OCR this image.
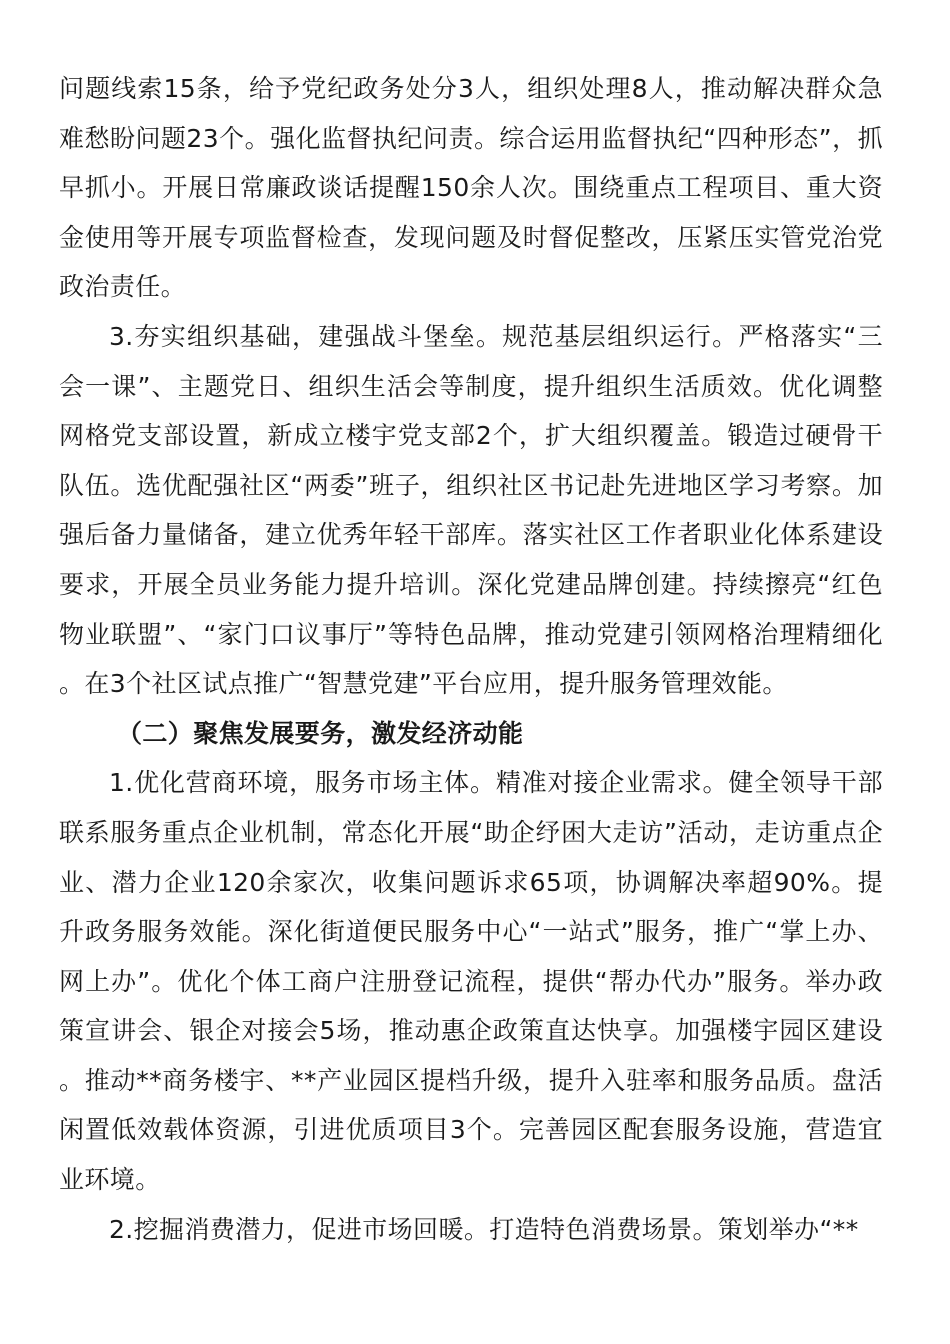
问题线索15条，给予党纪政务处分3人，组织处理8人，推动解决群众急难愁盼问题23个。强化监督执纪问责。综合运用监督执纪“四种形态”，抓早抓小。开展日常廉政谈话提醒150余人次。围绕重点工程项目、重大资金使用等开展专项监督检查，发现问题及时督促整改，压紧压实管党治党政治责任。

3.夯实组织基础，建强战斗堡垒。规范基层组织运行。严格落实“三会一课”、主题党日、组织生活会等制度，提升组织生活质效。优化调整网格党支部设置，新成立楼宇党支部2个，扩大组织覆盖。锻造过硬骨干队伍。选优配强社区“两委”班子，组织社区书记赴先进地区学习考察。加强后备力量储备，建立优秀年轻干部库。落实社区工作者职业化体系建设要求，开展全员业务能力提升培训。深化党建品牌创建。持续擦亮“红色物业联盟”、“家门口议事厅”等特色品牌，推动党建引领网格治理精细化。在3个社区试点推广“智慧党建”平台应用，提升服务管理效能。

（二）聚焦发展要务，激发经济动能

1.优化营商环境，服务市场主体。精准对接企业需求。健全领导干部联系服务重点企业机制，常态化开展“助企纾困大走访”活动，走访重点企业、潜力企业120余家次，收集问题诉求65项，协调解决率超90%。提升政务服务效能。深化街道便民服务中心“一站式”服务，推广“掌上办、网上办”。优化个体工商户注册登记流程，提供“帮办代办”服务。举办政策宣讲会、银企对接会5场，推动惠企政策直达快享。加强楼宇园区建设。推动**商务楼宇、**产业园区提档升级，提升入驻率和服务品质。盘活闲置低效载体资源，引进优质项目3个。完善园区配套服务设施，营造宜业环境。

2.挖掘消费潜力，促进市场回暖。打造特色消费场景。策划举办“**
